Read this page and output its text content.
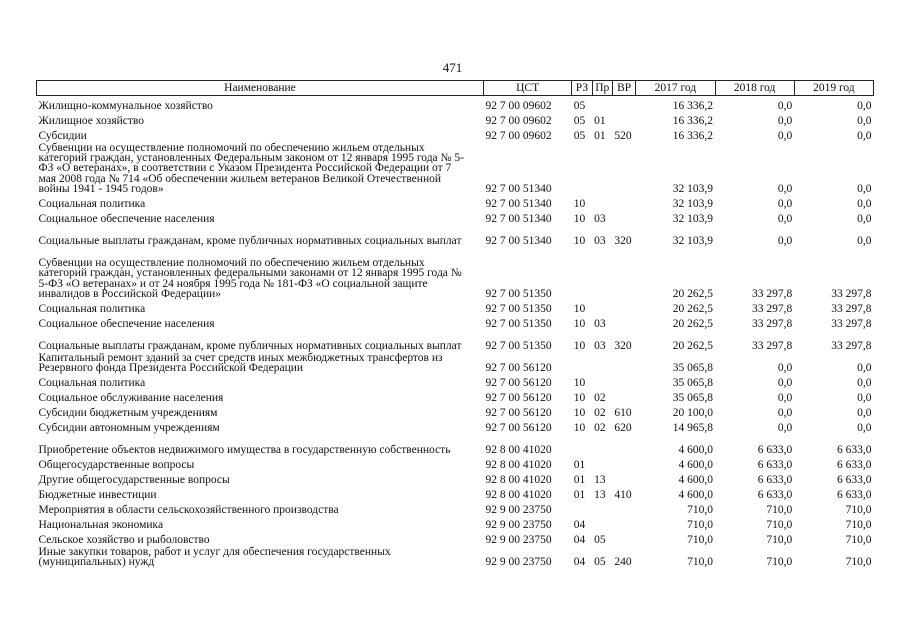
471
Наименование	ЦСТ	РЗ	Пр	ВР	2017 год	2018 год	2019 год
Жилищно-коммунальное хозяйство	92 7 00 09602	05			16 336,2	0,0	0,0
Жилищное хозяйство	92 7 00 09602	05	01		16 336,2	0,0	0,0
Субсидии	92 7 00 09602	05	01	520	16 336,2	0,0	0,0
Субвенции на осуществление полномочий по обеспечению жильем отдельных категорий граждан, установленных Федеральным законом от 12 января 1995 года № 5-ФЗ «О ветеранах», в соответствии с Указом Президента Российской Федерации от 7 мая 2008 года № 714 «Об обеспечении жильем ветеранов Великой Отечественной войны 1941 - 1945 годов»	92 7 00 51340				32 103,9	0,0	0,0
Социальная политика	92 7 00 51340	10			32 103,9	0,0	0,0
Социальное обеспечение населения	92 7 00 51340	10	03		32 103,9	0,0	0,0
Социальные выплаты гражданам, кроме публичных нормативных социальных выплат	92 7 00 51340	10	03	320	32 103,9	0,0	0,0
Субвенции на осуществление полномочий по обеспечению жильем отдельных категорий граждан, установленных федеральными законами от 12 января 1995 года № 5-ФЗ «О ветеранах» и от 24 ноября 1995 года № 181-ФЗ «О социальной защите инвалидов в Российской Федерации»	92 7 00 51350				20 262,5	33 297,8	33 297,8
Социальная политика	92 7 00 51350	10			20 262,5	33 297,8	33 297,8
Социальное обеспечение населения	92 7 00 51350	10	03		20 262,5	33 297,8	33 297,8
Социальные выплаты гражданам, кроме публичных нормативных социальных выплат	92 7 00 51350	10	03	320	20 262,5	33 297,8	33 297,8
Капитальный ремонт зданий за счет средств иных межбюджетных трансфертов из Резервного фонда Президента Российской Федерации	92 7 00 56120				35 065,8	0,0	0,0
Социальная политика	92 7 00 56120	10			35 065,8	0,0	0,0
Социальное обслуживание населения	92 7 00 56120	10	02		35 065,8	0,0	0,0
Субсидии бюджетным учреждениям	92 7 00 56120	10	02	610	20 100,0	0,0	0,0
Субсидии автономным учреждениям	92 7 00 56120	10	02	620	14 965,8	0,0	0,0
Приобретение объектов недвижимого имущества в государственную собственность	92 8 00 41020				4 600,0	6 633,0	6 633,0
Общегосударственные вопросы	92 8 00 41020	01			4 600,0	6 633,0	6 633,0
Другие общегосударственные вопросы	92 8 00 41020	01	13		4 600,0	6 633,0	6 633,0
Бюджетные инвестиции	92 8 00 41020	01	13	410	4 600,0	6 633,0	6 633,0
Мероприятия в области сельскохозяйственного производства	92 9 00 23750				710,0	710,0	710,0
Национальная экономика	92 9 00 23750	04			710,0	710,0	710,0
Сельское хозяйство и рыболовство	92 9 00 23750	04	05		710,0	710,0	710,0
Иные закупки товаров, работ и услуг для обеспечения государственных (муниципальных) нужд	92 9 00 23750	04	05	240	710,0	710,0	710,0
